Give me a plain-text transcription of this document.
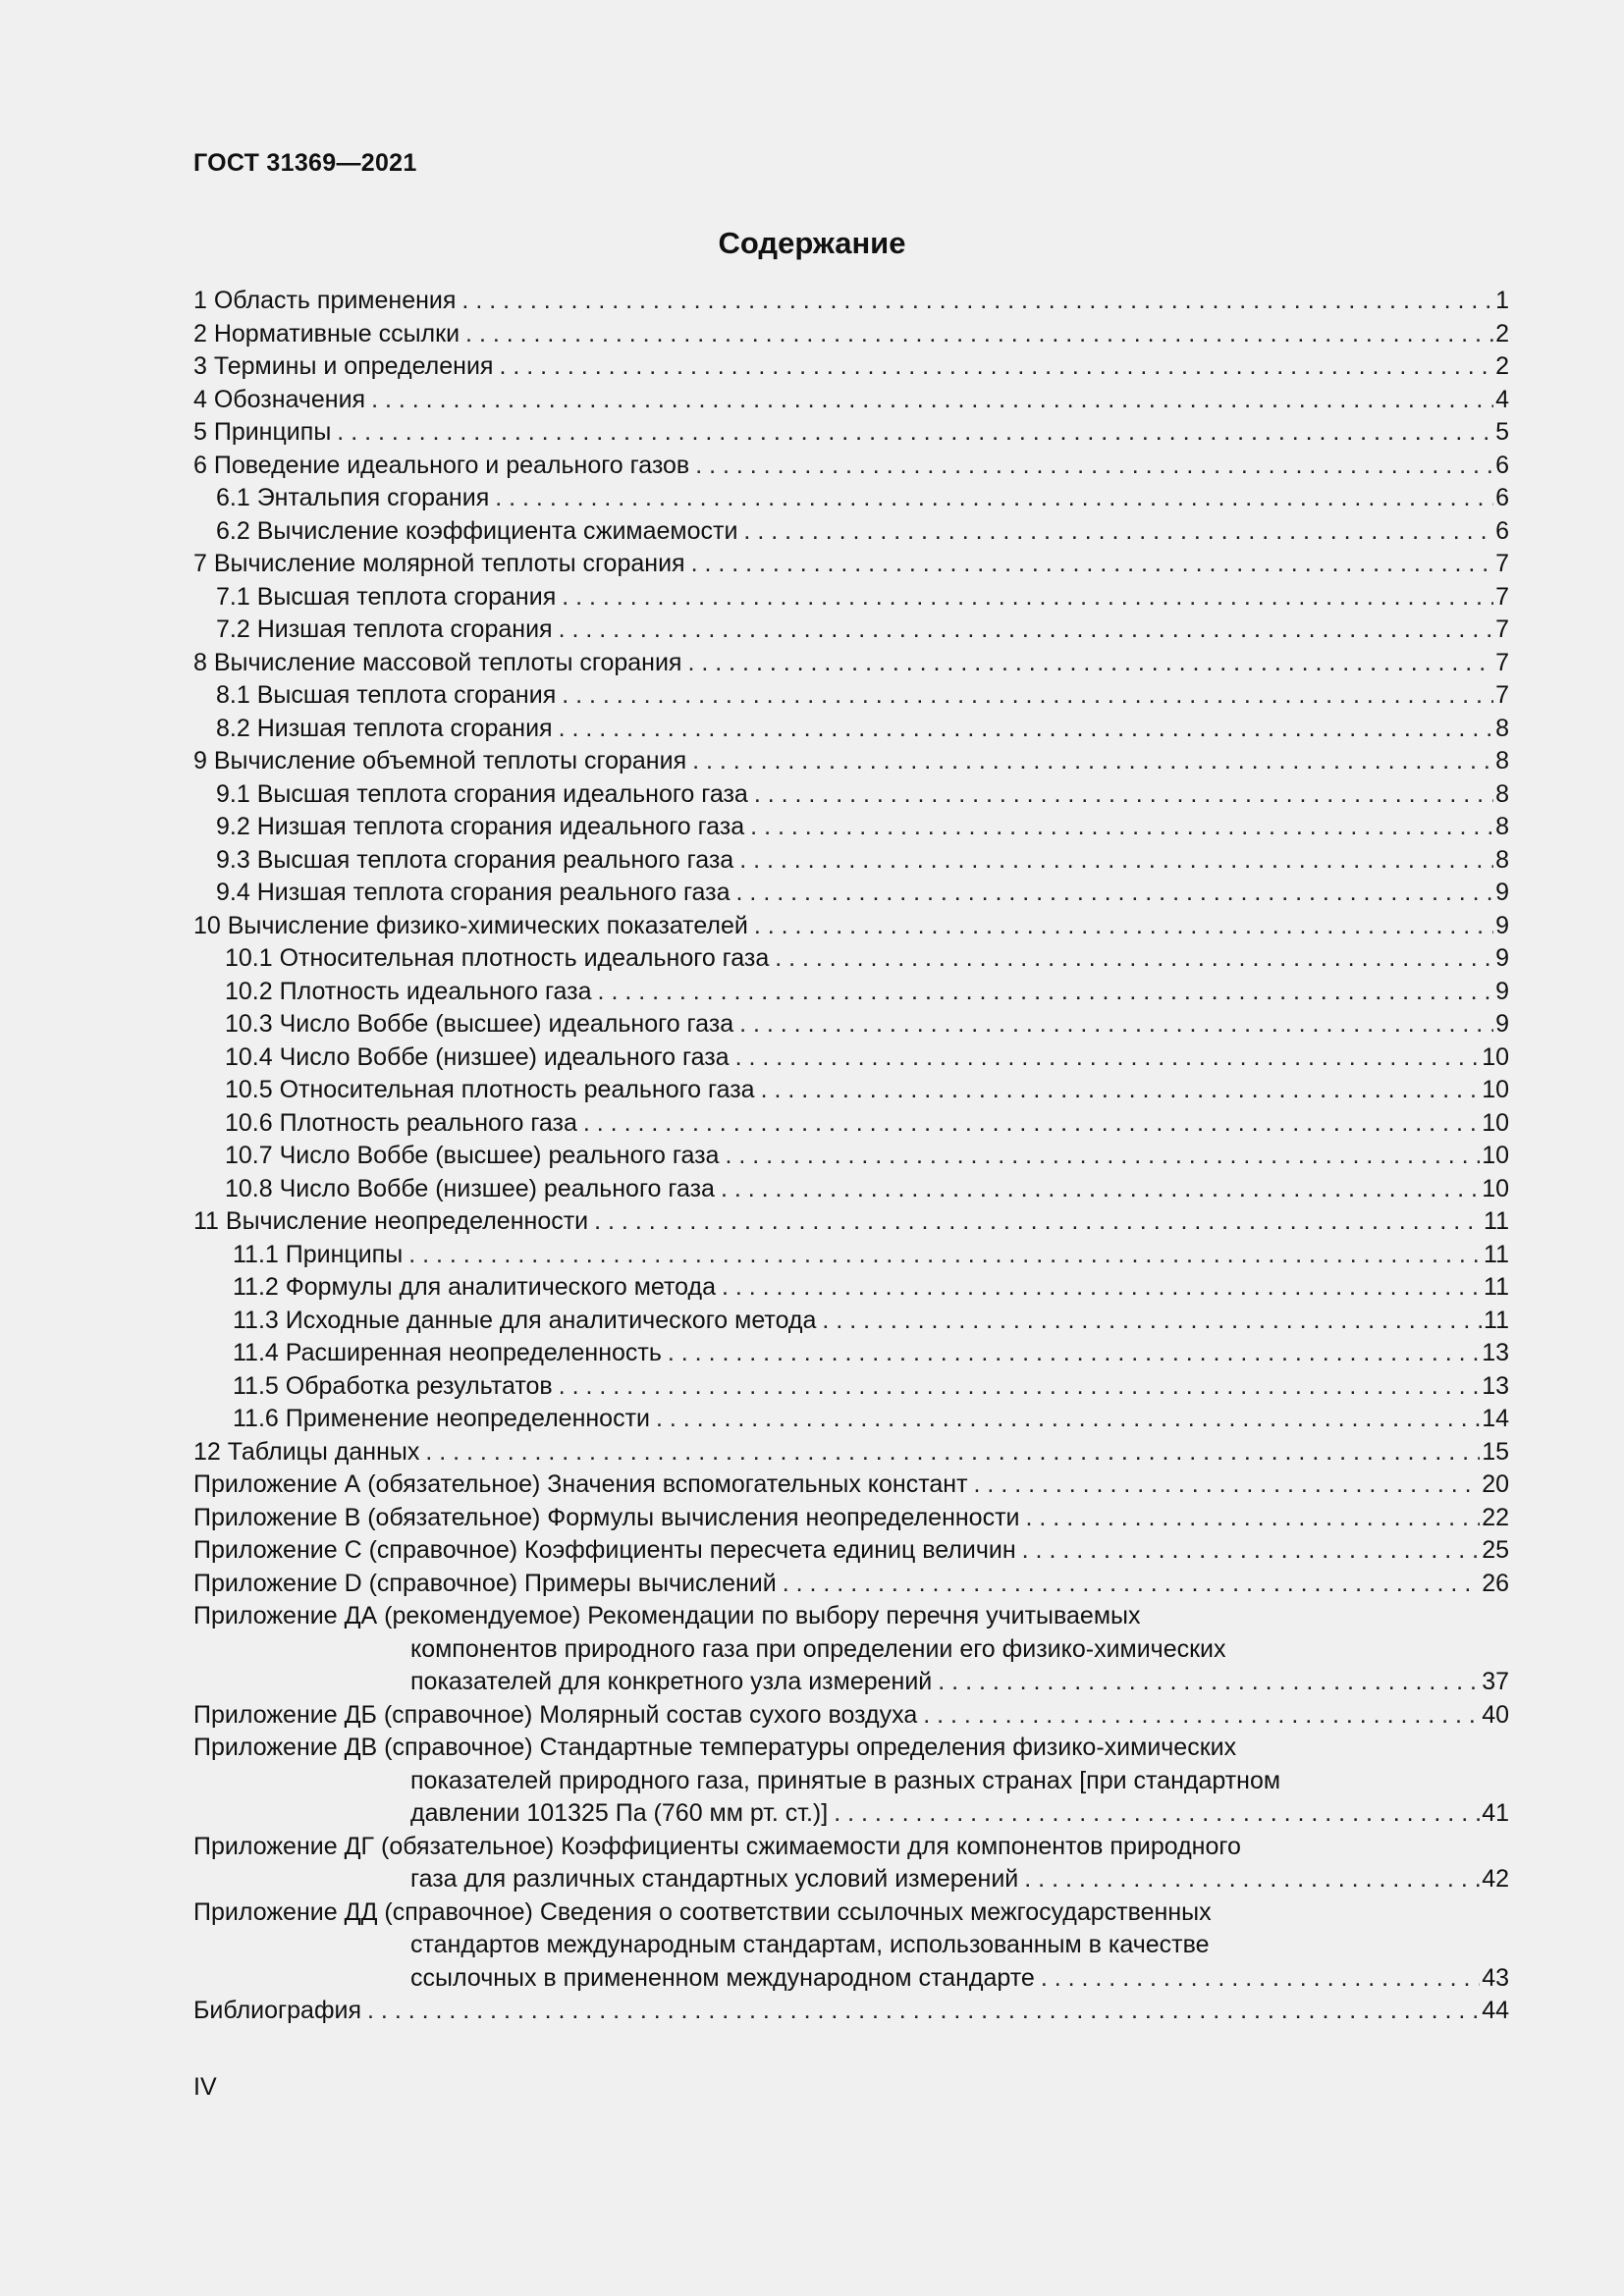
ГОСТ 31369—2021
Содержание
1 Область применения . . .	1
2 Нормативные ссылки . . .	2
3 Термины и определения . . .	2
4 Обозначения . . .	4
5 Принципы . . .	5
6 Поведение идеального и реального газов . . .	6
6.1 Энтальпия сгорания . . .	6
6.2 Вычисление коэффициента сжимаемости . . .	6
7 Вычисление молярной теплоты сгорания . . .	7
7.1 Высшая теплота сгорания . . .	7
7.2 Низшая теплота сгорания . . .	7
8 Вычисление массовой теплоты сгорания . . .	7
8.1 Высшая теплота сгорания . . .	7
8.2 Низшая теплота сгорания . . .	8
9 Вычисление объемной теплоты сгорания . . .	8
9.1 Высшая теплота сгорания идеального газа . . .	8
9.2 Низшая теплота сгорания идеального газа . . .	8
9.3 Высшая теплота сгорания реального газа . . .	8
9.4 Низшая теплота сгорания реального газа . . .	9
10 Вычисление физико-химических показателей . . .	9
10.1 Относительная плотность идеального газа . . .	9
10.2 Плотность идеального газа . . .	9
10.3 Число Воббе (высшее) идеального газа . . .	9
10.4 Число Воббе (низшее) идеального газа . . .	10
10.5 Относительная плотность реального газа . . .	10
10.6 Плотность реального газа . . .	10
10.7 Число Воббе (высшее) реального газа . . .	10
10.8 Число Воббе (низшее) реального газа . . .	10
11 Вычисление неопределенности . . .	11
11.1 Принципы . . .	11
11.2 Формулы для аналитического метода . . .	11
11.3 Исходные данные для аналитического метода . . .	11
11.4 Расширенная неопределенность . . .	13
11.5 Обработка результатов . . .	13
11.6 Применение неопределенности . . .	14
12 Таблицы данных . . .	15
Приложение А (обязательное) Значения вспомогательных констант . . .	20
Приложение В (обязательное) Формулы вычисления неопределенности . . .	22
Приложение С (справочное) Коэффициенты пересчета единиц величин . . .	25
Приложение D (справочное) Примеры вычислений . . .	26
Приложение ДА (рекомендуемое) Рекомендации по выбору перечня учитываемых
компонентов природного газа при определении его физико-химических
показателей для конкретного узла измерений . . .	37
Приложение ДБ (справочное) Молярный состав сухого воздуха . . .	40
Приложение ДВ (справочное) Стандартные температуры определения физико-химических
показателей природного газа, принятые в разных странах [при стандартном
давлении 101325 Па (760 мм рт. ст.)] . . .	41
Приложение ДГ (обязательное) Коэффициенты сжимаемости для компонентов природного
газа для различных стандартных условий измерений . . .	42
Приложение ДД (справочное) Сведения о соответствии ссылочных межгосударственных
стандартов международным стандартам, использованным в качестве
ссылочных в примененном международном стандарте . . .	43
Библиография . . .	44
IV
